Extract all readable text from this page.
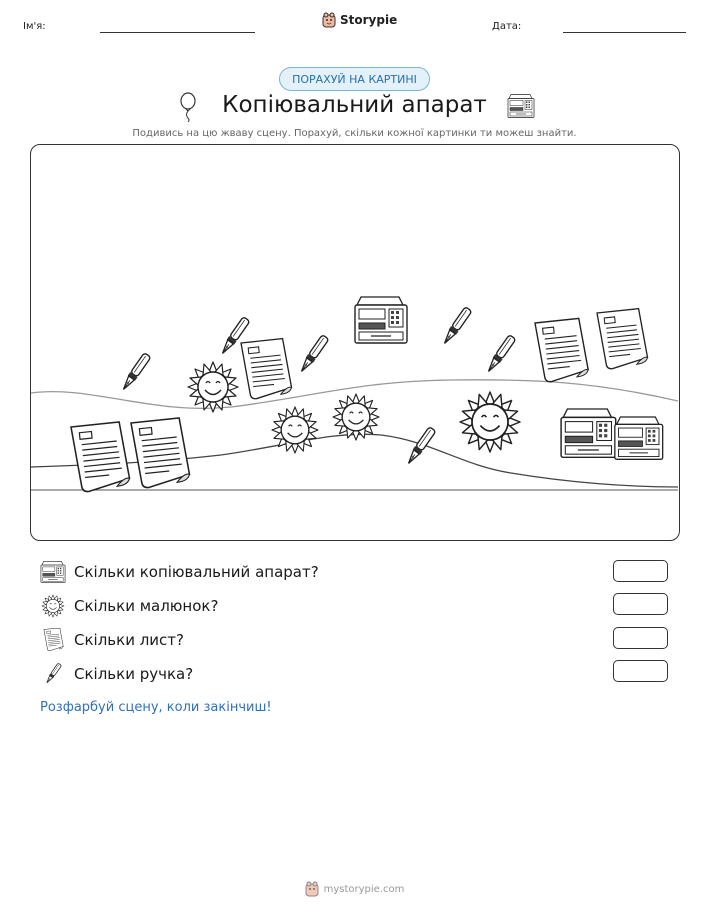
Ім'я:	Storypie	Дата:
ПОРАХУЙ НА КАРТИНІ
Копіювальний апарат
Подивись на цю жваву сцену. Порахуй, скільки кожної картинки ти можеш знайти.
Скільки копіювальний апарат?
Скільки малюнок?
Скільки лист?
Скільки ручка?
Розфарбуй сцену, коли закінчиш!
mystorypie.com
